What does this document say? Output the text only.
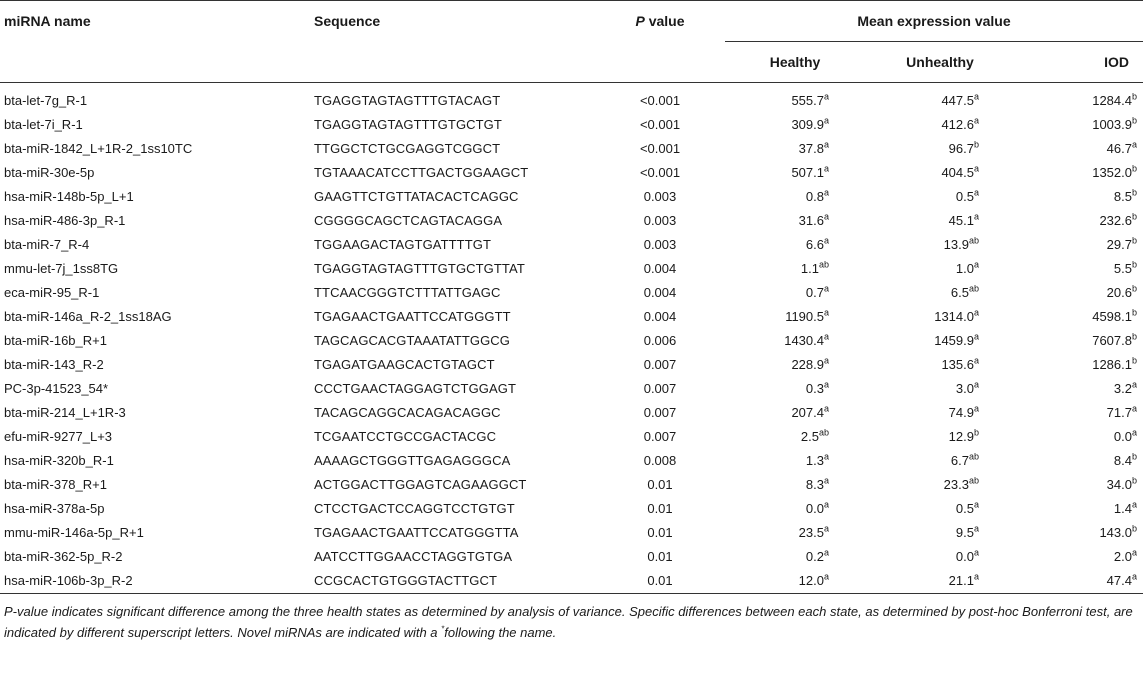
miRNA name	Sequence	P value	Mean expression value		
			Healthy	Unhealthy	IOD

bta-let-7g_R-1	TGAGGTAGTAGTTTGTACAGT	<0.001	555.7$^a$	447.5$^a$	1284.4$^b$
bta-let-7i_R-1	TGAGGTAGTAGTTTGTGCTGT	<0.001	309.9$^a$	412.6$^a$	1003.9$^b$
bta-miR-1842_L+1R-2_1ss10TC	TTGGCTCTGCGAGGTCGGCT	<0.001	37.8$^a$	96.7$^b$	46.7$^a$
bta-miR-30e-5p	TGTAAACATCCTTGACTGGAAGCT	<0.001	507.1$^a$	404.5$^a$	1352.0$^b$
hsa-miR-148b-5p_L+1	GAAGTTCTGTTATACACTCAGGC	0.003	0.8$^a$	0.5$^a$	8.5$^b$
hsa-miR-486-3p_R-1	CGGGGCAGCTCAGTACAGGA	0.003	31.6$^a$	45.1$^a$	232.6$^b$
bta-miR-7_R-4	TGGAAGACTAGTGATTTTGT	0.003	6.6$^a$	13.9$^{ab}$	29.7$^b$
mmu-let-7j_1ss8TG	TGAGGTAGTAGTTTGTGCTGTTAT	0.004	1.1$^{ab}$	1.0$^a$	5.5$^b$
eca-miR-95_R-1	TTCAACGGGTCTTTATTGAGC	0.004	0.7$^a$	6.5$^{ab}$	20.6$^b$
bta-miR-146a_R-2_1ss18AG	TGAGAACTGAATTCCATGGGTT	0.004	1190.5$^a$	1314.0$^a$	4598.1$^b$
bta-miR-16b_R+1	TAGCAGCACGTAAATATTGGCG	0.006	1430.4$^a$	1459.9$^a$	7607.8$^b$
bta-miR-143_R-2	TGAGATGAAGCACTGTAGCT	0.007	228.9$^a$	135.6$^a$	1286.1$^b$
PC-3p-41523_54*	CCCTGAACTAGGAGTCTGGAGT	0.007	0.3$^a$	3.0$^a$	3.2$^a$
bta-miR-214_L+1R-3	TACAGCAGGCACAGACAGGC	0.007	207.4$^a$	74.9$^a$	71.7$^a$
efu-miR-9277_L+3	TCGAATCCTGCCGACTACGC	0.007	2.5$^{ab}$	12.9$^b$	0.0$^a$
hsa-miR-320b_R-1	AAAAGCTGGGTTGAGAGGGCA	0.008	1.3$^a$	6.7$^{ab}$	8.4$^b$
bta-miR-378_R+1	ACTGGACTTGGAGTCAGAAGGCT	0.01	8.3$^a$	23.3$^{ab}$	34.0$^b$
hsa-miR-378a-5p	CTCCTGACTCCAGGTCCTGTGT	0.01	0.0$^a$	0.5$^a$	1.4$^a$
mmu-miR-146a-5p_R+1	TGAGAACTGAATTCCATGGGTTA	0.01	23.5$^a$	9.5$^a$	143.0$^b$
bta-miR-362-5p_R-2	AATCCTTGGAACCTAGGTGTGA	0.01	0.2$^a$	0.0$^a$	2.0$^a$
hsa-miR-106b-3p_R-2	CCGCACTGTGGGTACTTGCT	0.01	12.0$^a$	21.1$^a$	47.4$^a$
P-value indicates significant difference among the three health states as determined by analysis of variance. Specific differences between each state, as determined by post-hoc Bonferroni test, are indicated by different superscript letters. Novel miRNAs are indicated with a *following the name.
